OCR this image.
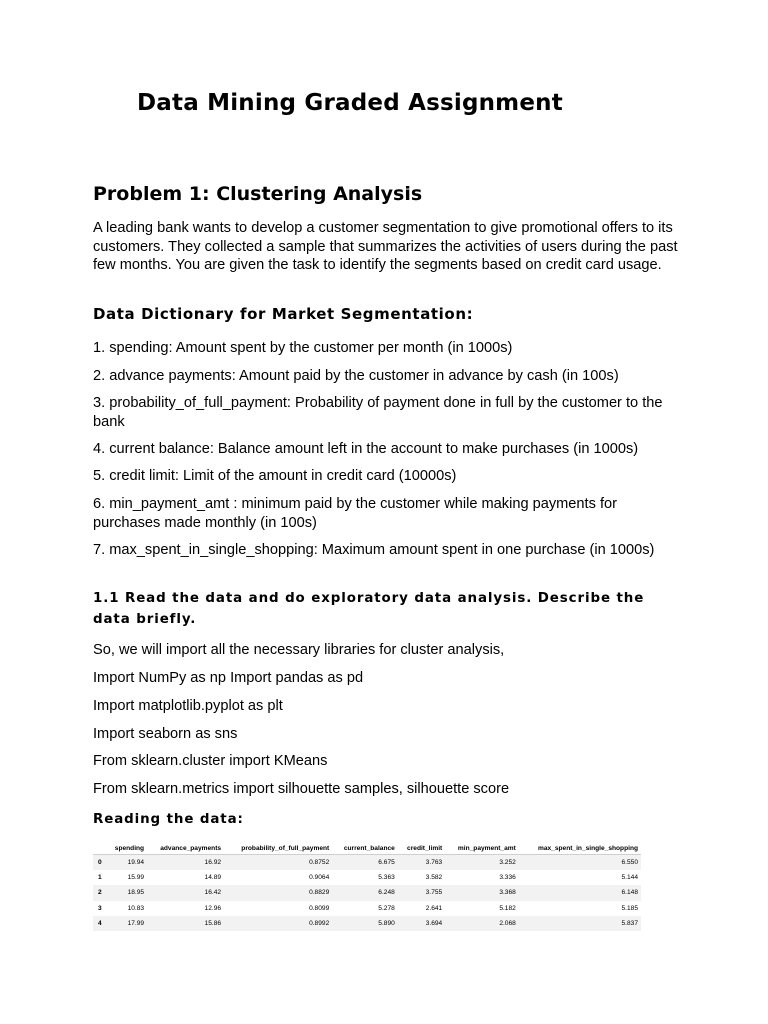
Data Mining Graded Assignment
Problem 1: Clustering Analysis

A leading bank wants to develop a customer segmentation to give promotional offers to its customers. They collected a sample that summarizes the activities of users during the past few months. You are given the task to identify the segments based on credit card usage.

Data Dictionary for Market Segmentation:

1. spending: Amount spent by the customer per month (in 1000s)

2. advance payments: Amount paid by the customer in advance by cash (in 100s)

3. probability_of_full_payment: Probability of payment done in full by the customer to the bank

4. current balance: Balance amount left in the account to make purchases (in 1000s)

5. credit limit: Limit of the amount in credit card (10000s)

6. min_payment_amt : minimum paid by the customer while making payments for purchases made monthly (in 100s)

7. max_spent_in_single_shopping: Maximum amount spent in one purchase (in 1000s)

1.1 Read the data and do exploratory data analysis. Describe the data briefly.

So, we will import all the necessary libraries for cluster analysis,

Import NumPy as np Import pandas as pd

Import matplotlib.pyplot as plt

Import seaborn as sns

From sklearn.cluster import KMeans

From sklearn.metrics import silhouette samples, silhouette score

Reading the data:
	spending	advance_payments	probability_of_full_payment	current_balance	credit_limit	min_payment_amt	max_spent_in_single_shopping
0	19.94	16.92	0.8752	6.675	3.763	3.252	6.550
1	15.99	14.89	0.9064	5.363	3.582	3.336	5.144
2	18.95	16.42	0.8829	6.248	3.755	3.368	6.148
3	10.83	12.96	0.8099	5.278	2.641	5.182	5.185
4	17.99	15.86	0.8992	5.890	3.694	2.068	5.837
